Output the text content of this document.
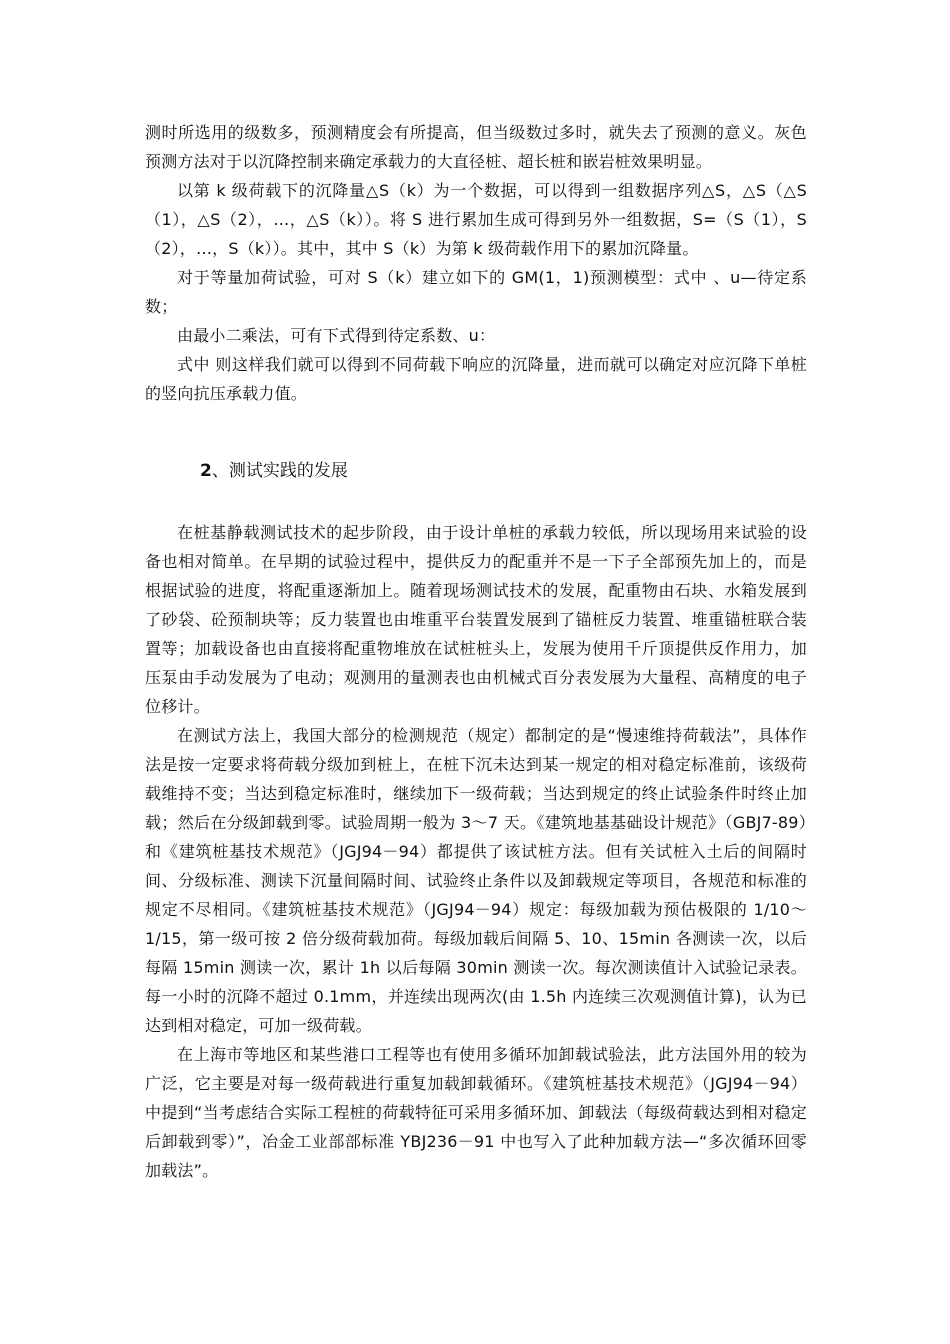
测时所选用的级数多，预测精度会有所提高，但当级数过多时，就失去了预测的意义。灰色预测方法对于以沉降控制来确定承载力的大直径桩、超长桩和嵌岩桩效果明显。

以第 k 级荷载下的沉降量△S（k）为一个数据，可以得到一组数据序列△S，△S（△S（1），△S（2），…，△S（k））。将 S 进行累加生成可得到另外一组数据，S=（S（1），S（2），…，S（k））。其中，其中 S（k）为第 k 级荷载作用下的累加沉降量。

对于等量加荷试验，可对 S（k）建立如下的 GM(1，1)预测模型：式中 、u—待定系数；

由最小二乘法，可有下式得到待定系数、u：

式中 则这样我们就可以得到不同荷载下响应的沉降量，进而就可以确定对应沉降下单桩的竖向抗压承载力值。

2、测试实践的发展

在桩基静载测试技术的起步阶段，由于设计单桩的承载力较低，所以现场用来试验的设备也相对简单。在早期的试验过程中，提供反力的配重并不是一下子全部预先加上的，而是根据试验的进度，将配重逐渐加上。随着现场测试技术的发展，配重物由石块、水箱发展到了砂袋、砼预制块等；反力装置也由堆重平台装置发展到了锚桩反力装置、堆重锚桩联合装置等；加载设备也由直接将配重物堆放在试桩桩头上，发展为使用千斤顶提供反作用力，加压泵由手动发展为了电动；观测用的量测表也由机械式百分表发展为大量程、高精度的电子位移计。

在测试方法上，我国大部分的检测规范（规定）都制定的是“慢速维持荷载法”，具体作法是按一定要求将荷载分级加到桩上，在桩下沉未达到某一规定的相对稳定标准前，该级荷载维持不变；当达到稳定标准时，继续加下一级荷载；当达到规定的终止试验条件时终止加载；然后在分级卸载到零。试验周期一般为 3～7 天。《建筑地基基础设计规范》（GBJ7-89）和《建筑桩基技术规范》（JGJ94－94）都提供了该试桩方法。但有关试桩入土后的间隔时间、分级标准、测读下沉量间隔时间、试验终止条件以及卸载规定等项目，各规范和标准的规定不尽相同。《建筑桩基技术规范》（JGJ94－94）规定：每级加载为预估极限的 1/10～1/15，第一级可按 2 倍分级荷载加荷。每级加载后间隔 5、10、15min 各测读一次，以后每隔 15min 测读一次，累计 1h 以后每隔 30min 测读一次。每次测读值计入试验记录表。每一小时的沉降不超过 0.1mm，并连续出现两次(由 1.5h 内连续三次观测值计算)，认为已达到相对稳定，可加一级荷载。

在上海市等地区和某些港口工程等也有使用多循环加卸载试验法，此方法国外用的较为广泛，它主要是对每一级荷载进行重复加载卸载循环。《建筑桩基技术规范》（JGJ94－94）中提到“当考虑结合实际工程桩的荷载特征可采用多循环加、卸载法（每级荷载达到相对稳定后卸载到零）”，冶金工业部部标准 YBJ236－91 中也写入了此种加载方法—“多次循环回零加载法”。
